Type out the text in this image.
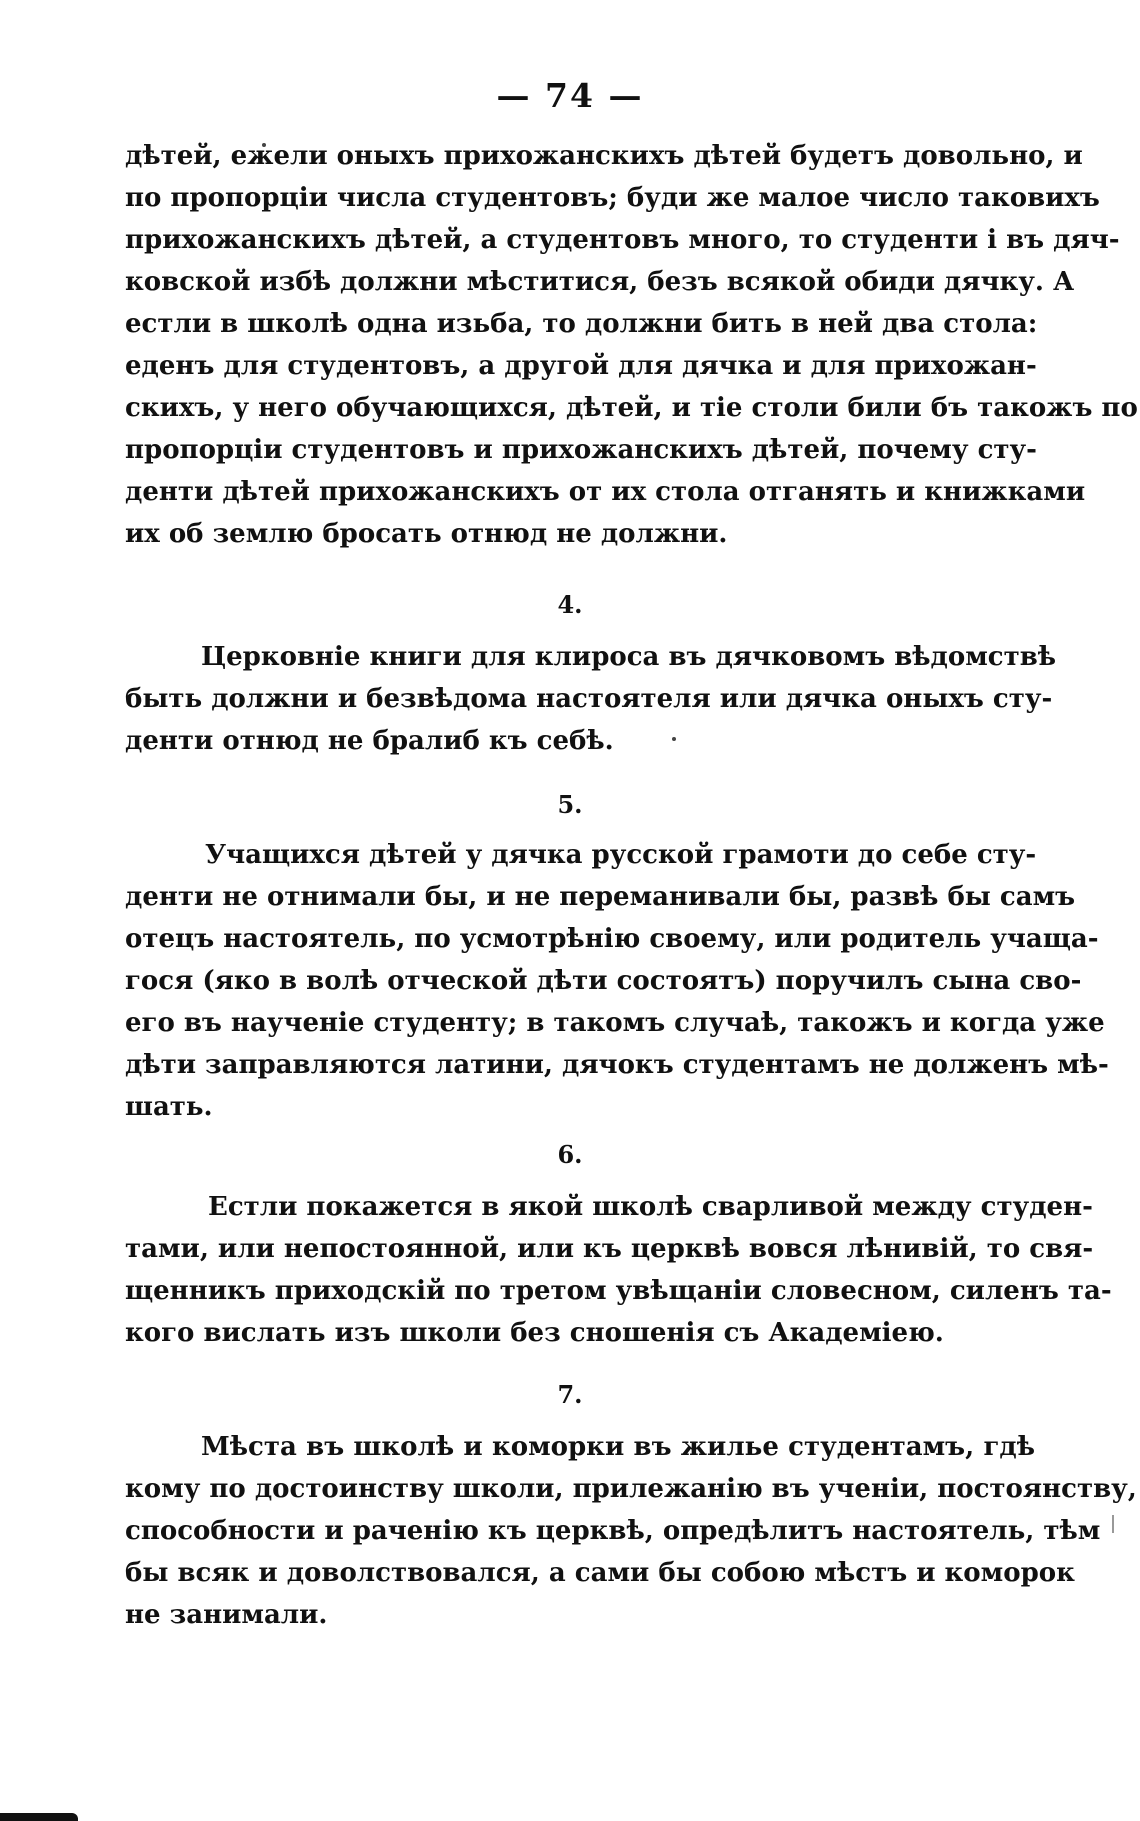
— 74 —
дѣтей, ежели оныхъ прихожанскихъ дѣтей будетъ довольно, и
по пропорціи числа студентовъ; буди же малое число таковихъ
прихожанскихъ дѣтей, а студентовъ много, то студенти і въ дяч-
ковской избѣ должни мѣститися, безъ всякой обиди дячку. А
естли в школѣ одна изьба, то должни бить в ней два стола:
еденъ для студентовъ, а другой для дячка и для прихожан-
скихъ, у него обучающихся, дѣтей, и тіе столи били бъ такожъ по
пропорціи студентовъ и прихожанскихъ дѣтей, почему сту-
денти дѣтей прихожанскихъ от их стола отганять и книжками
их об землю бросать отнюд не должни.
4.
Церковніе книги для клироса въ дячковомъ вѣдомствѣ
быть должни и безвѣдома настоятеля или дячка оныхъ сту-
денти отнюд не бралиб къ себѣ.
5.
Учащихся дѣтей у дячка русской грамоти до себе сту-
денти не отнимали бы, и не переманивали бы, развѣ бы самъ
отецъ настоятель, по усмотрѣнію своему, или родитель учаща-
гося (яко в волѣ отческой дѣти состоятъ) поручилъ сына сво-
его въ наученіе студенту; в такомъ случаѣ, такожъ и когда уже
дѣти заправляются латини, дячокъ студентамъ не долженъ мѣ-
шать.
6.
Естли покажется в якой школѣ сварливой между студен-
тами, или непостоянной, или къ церквѣ вовся лѣнивій, то свя-
щенникъ приходскій по третом увѣщаніи словесном, силенъ та-
кого вислать изъ школи без сношенія съ Академіею.
7.
Мѣста въ школѣ и коморки въ жилье студентамъ, гдѣ
кому по достоинству школи, прилежанію въ ученіи, постоянству,
способности и раченію къ церквѣ, опредѣлитъ настоятель, тѣм
бы всяк и доволствовался, а сами бы собою мѣстъ и коморок
не занимали.
